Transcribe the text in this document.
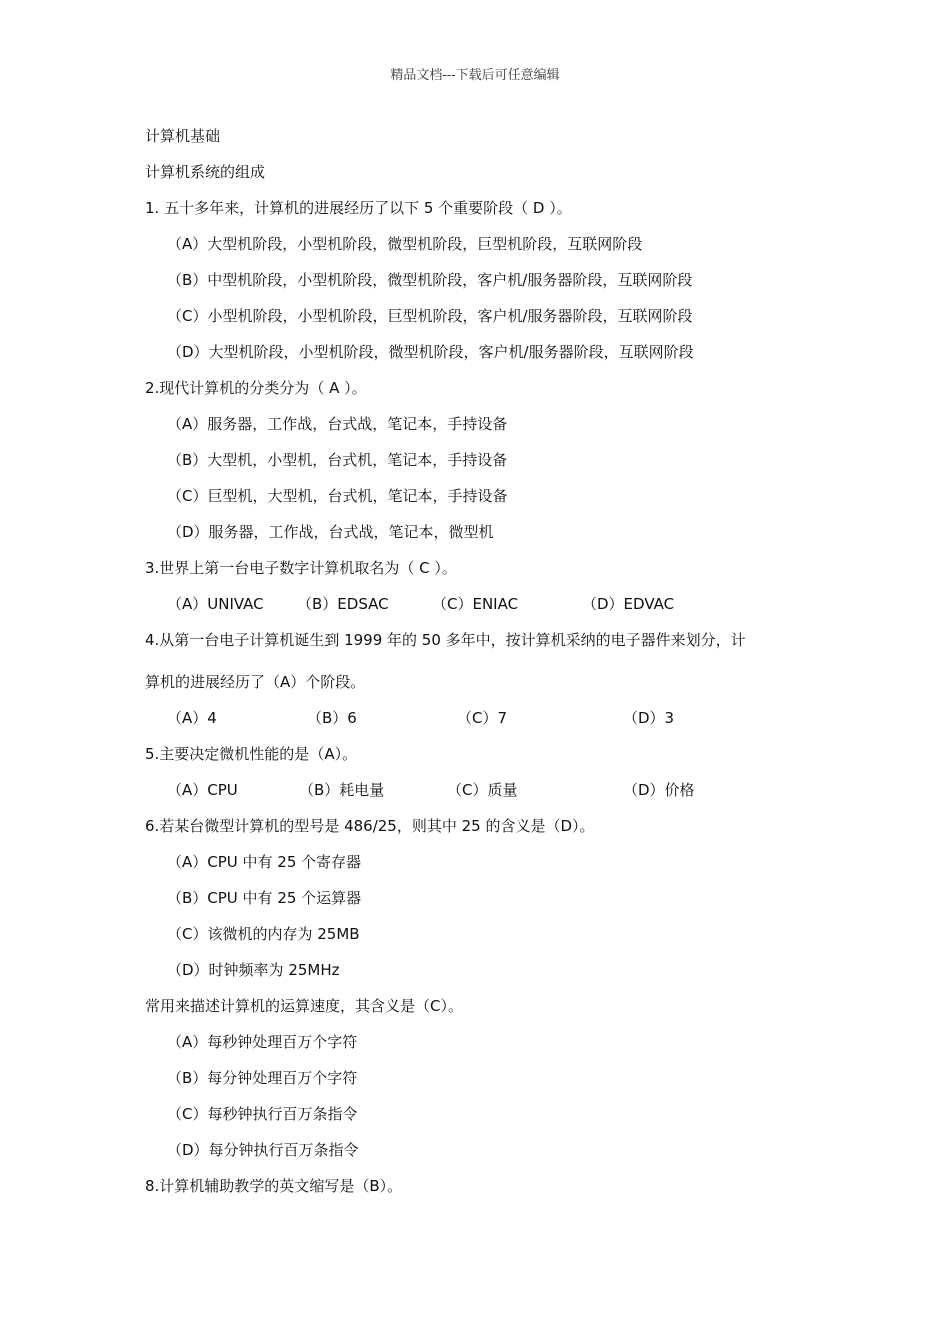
精品文档---下载后可任意编辑
计算机基础
计算机系统的组成
1. 五十多年来，计算机的进展经历了以下 5 个重要阶段（ D ）。
（A）大型机阶段，小型机阶段，微型机阶段，巨型机阶段，互联网阶段
（B）中型机阶段，小型机阶段，微型机阶段，客户机/服务器阶段，互联网阶段
（C）小型机阶段，小型机阶段，巨型机阶段，客户机/服务器阶段，互联网阶段
（D）大型机阶段，小型机阶段，微型机阶段，客户机/服务器阶段，互联网阶段
2.现代计算机的分类分为（ A ）。
（A）服务器，工作战，台式战，笔记本，手持设备
（B）大型机，小型机，台式机，笔记本，手持设备
（C）巨型机，大型机，台式机，笔记本，手持设备
（D）服务器，工作战，台式战，笔记本，微型机
3.世界上第一台电子数字计算机取名为（ C ）。
（A）UNIVAC （B）EDSAC	（C）ENIAC	（D）EDVAC
4.从第一台电子计算机诞生到 1999 年的 50 多年中，按计算机采纳的电子器件来划分，计
算机的进展经历了（A）个阶段。
（A）4	（B）6	（C）7	（D）3
5.主要决定微机性能的是（A）。
（A）CPU	（B）耗电量	（C）质量	（D）价格
6.若某台微型计算机的型号是 486/25，则其中 25 的含义是（D）。
（A）CPU 中有 25 个寄存器
（B）CPU 中有 25 个运算器
（C）该微机的内存为 25MB
（D）时钟频率为 25MHz
常用来描述计算机的运算速度，其含义是（C）。
（A）每秒钟处理百万个字符
（B）每分钟处理百万个字符
（C）每秒钟执行百万条指令
（D）每分钟执行百万条指令
8.计算机辅助教学的英文缩写是（B）。
